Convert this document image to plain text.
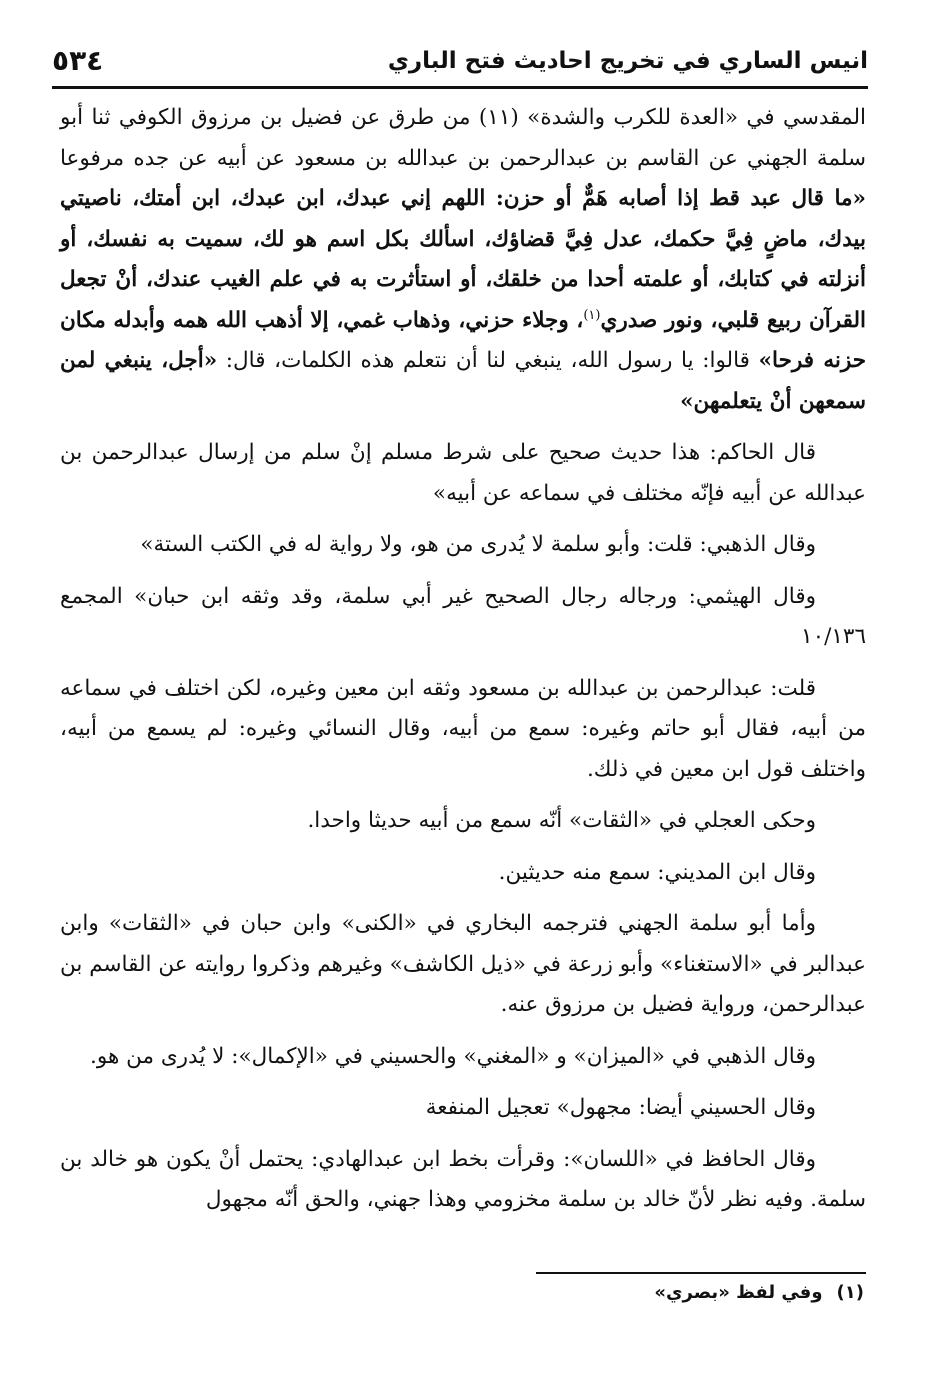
انيس الساري في تخريج احاديث فتح الباري
٥٣٤

المقدسي في «العدة للكرب والشدة» (١١) من طرق عن فضيل بن مرزوق الكوفي ثنا أبو سلمة الجهني عن القاسم بن عبدالرحمن بن عبدالله بن مسعود عن أبيه عن جده مرفوعا «ما قال عبد قط إذا أصابه هَمٌّ أو حزن: اللهم إني عبدك، ابن عبدك، ابن أمتك، ناصيتي بيدك، ماضٍ فِيَّ حكمك، عدل فِيَّ قضاؤك، اسألك بكل اسم هو لك، سميت به نفسك، أو أنزلته في كتابك، أو علمته أحدا من خلقك، أو استأثرت به في علم الغيب عندك، أنْ تجعل القرآن ربيع قلبي، ونور صدري$^{(١)}$، وجلاء حزني، وذهاب غمي، إلا أذهب الله همه وأبدله مكان حزنه فرحا» قالوا: يا رسول الله، ينبغي لنا أن نتعلم هذه الكلمات، قال: «أجل، ينبغي لمن سمعهن أنْ يتعلمهن»

قال الحاكم: هذا حديث صحيح على شرط مسلم إنْ سلم من إرسال عبدالرحمن بن عبدالله عن أبيه فإنّه مختلف في سماعه عن أبيه»

وقال الذهبي: قلت: وأبو سلمة لا يُدرى من هو، ولا رواية له في الكتب الستة»

وقال الهيثمي: ورجاله رجال الصحيح غير أبي سلمة، وقد وثقه ابن حبان» المجمع ١٠/١٣٦

قلت: عبدالرحمن بن عبدالله بن مسعود وثقه ابن معين وغيره، لكن اختلف في سماعه من أبيه، فقال أبو حاتم وغيره: سمع من أبيه، وقال النسائي وغيره: لم يسمع من أبيه، واختلف قول ابن معين في ذلك.

وحكى العجلي في «الثقات» أنّه سمع من أبيه حديثا واحدا.

وقال ابن المديني: سمع منه حديثين.

وأما أبو سلمة الجهني فترجمه البخاري في «الكنى» وابن حبان في «الثقات» وابن عبدالبر في «الاستغناء» وأبو زرعة في «ذيل الكاشف» وغيرهم وذكروا روايته عن القاسم بن عبدالرحمن، ورواية فضيل بن مرزوق عنه.

وقال الذهبي في «الميزان» و «المغني» والحسيني في «الإكمال»: لا يُدرى من هو.

وقال الحسيني أيضا: مجهول» تعجيل المنفعة

وقال الحافظ في «اللسان»: وقرأت بخط ابن عبدالهادي: يحتمل أنْ يكون هو خالد بن سلمة. وفيه نظر لأنّ خالد بن سلمة مخزومي وهذا جهني، والحق أنّه مجهول

(١)وفي لفظ «بصري»
